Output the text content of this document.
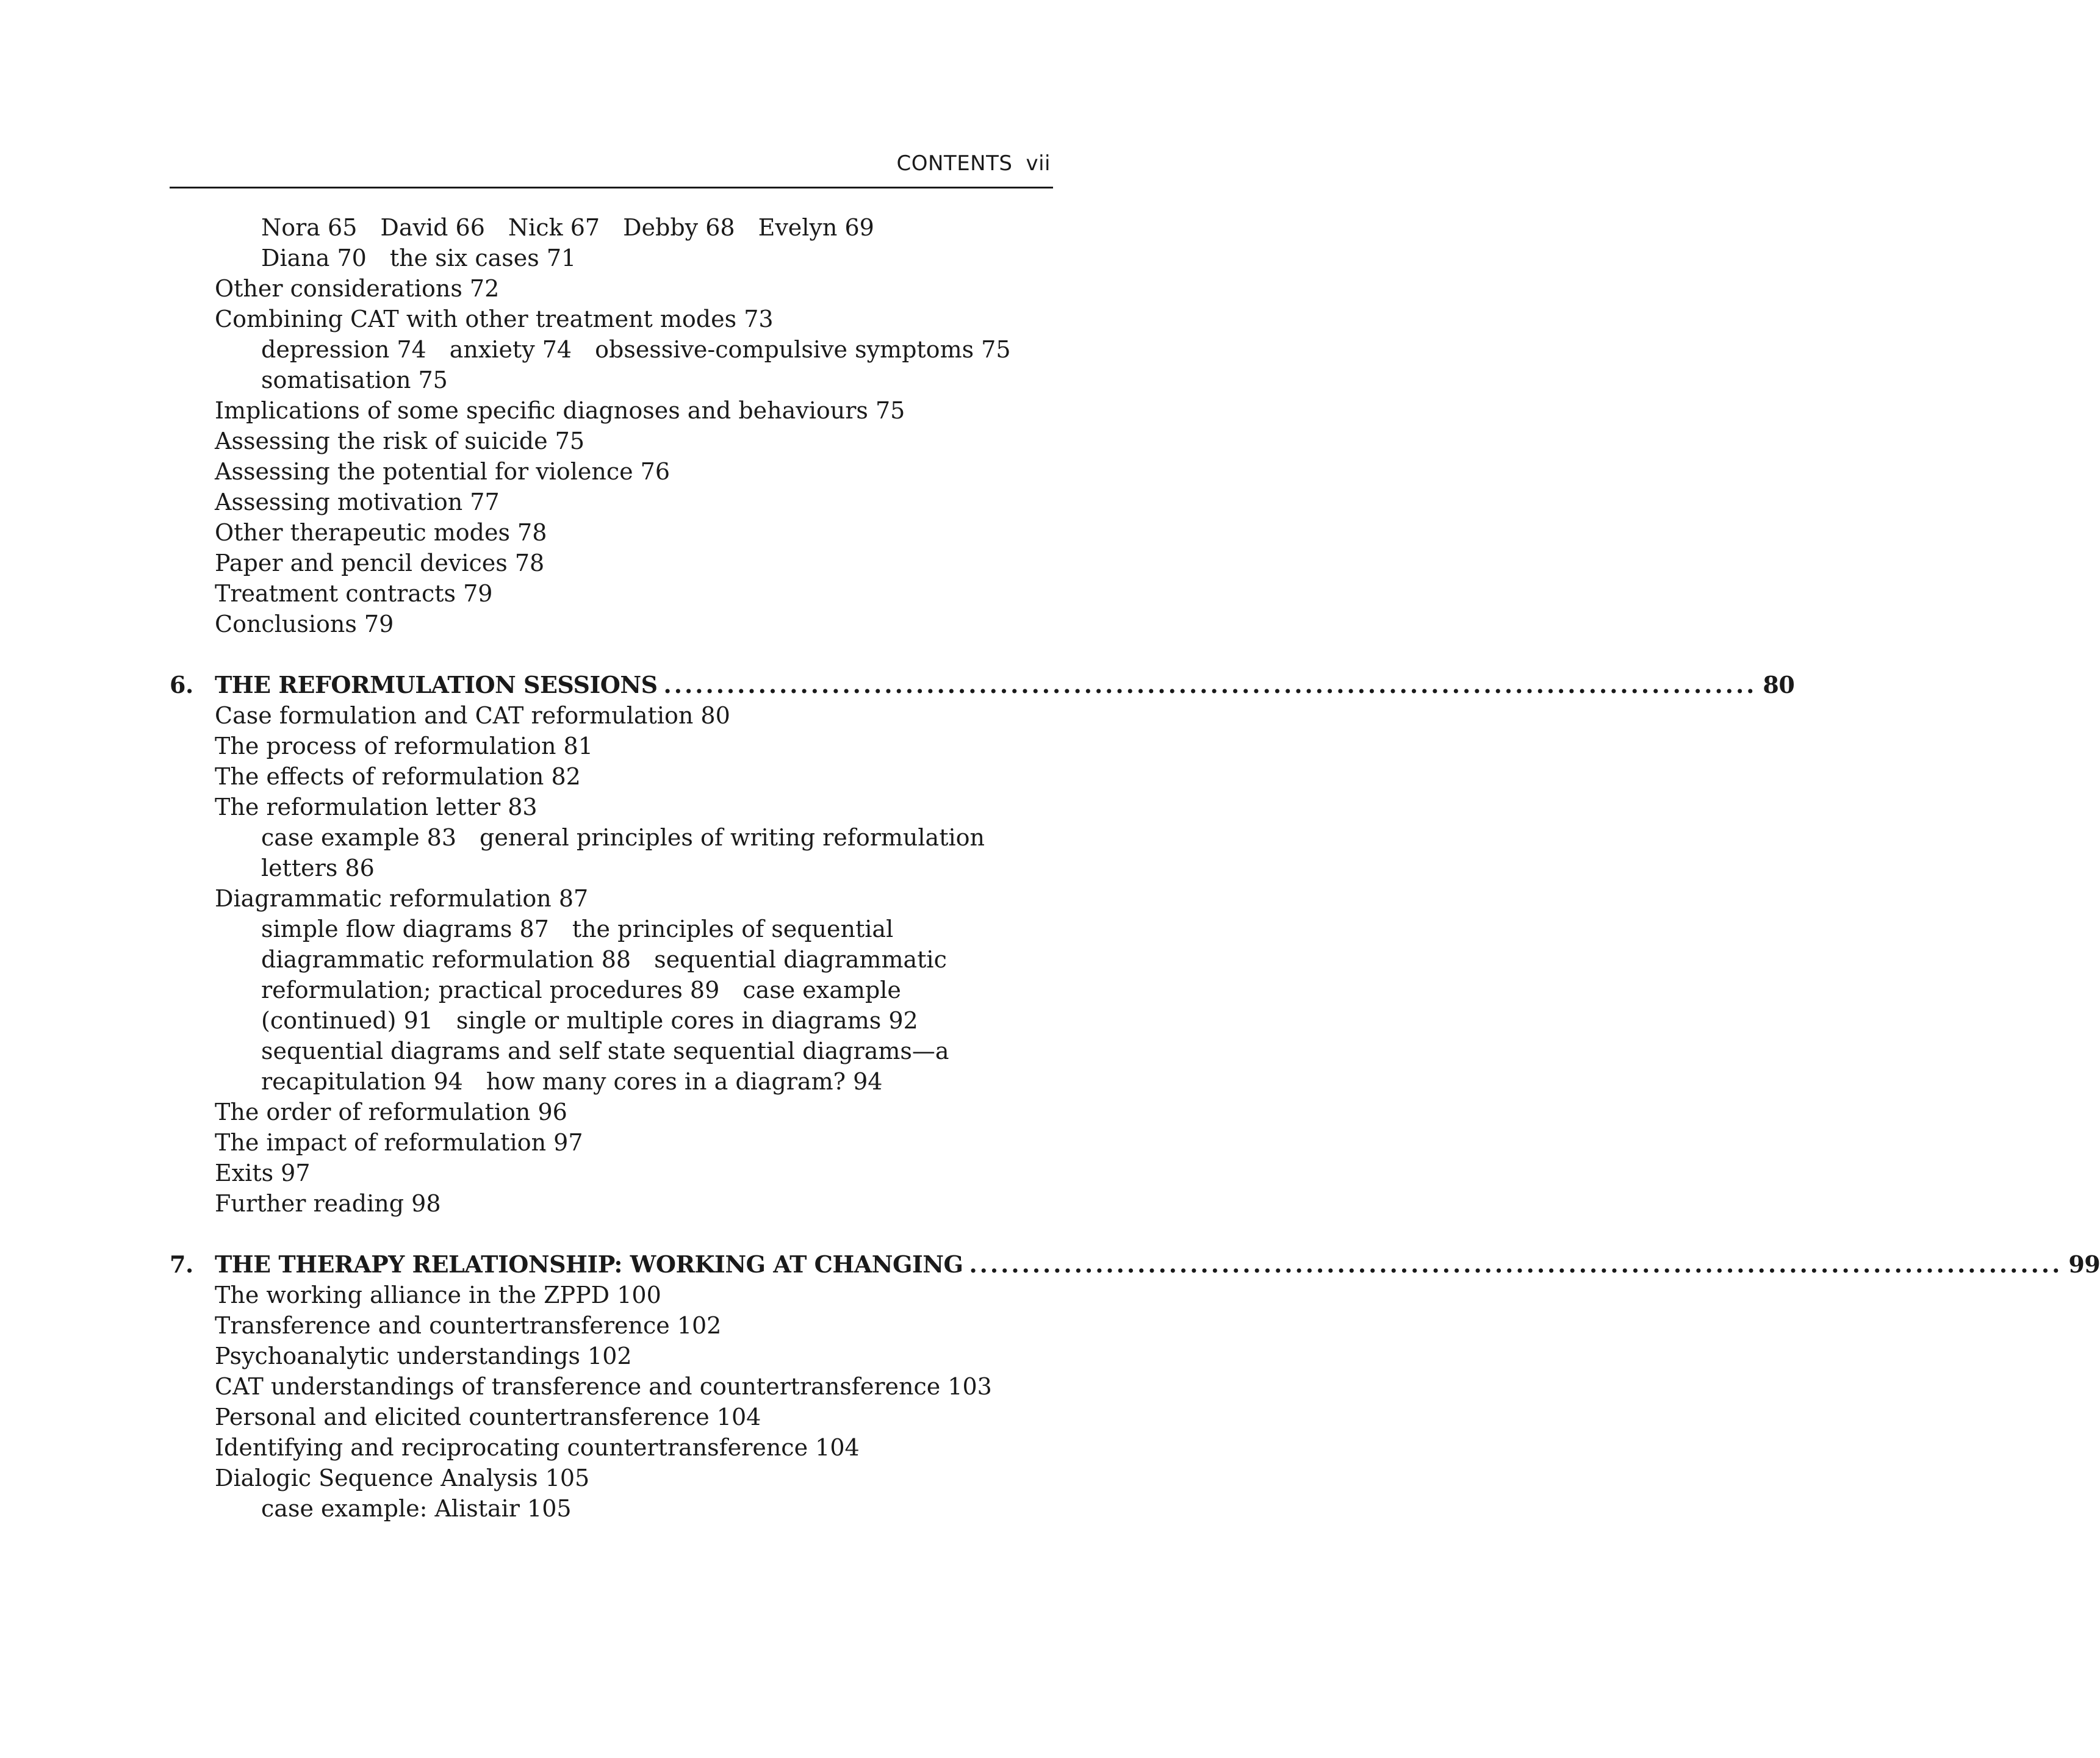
CONTENTS vii
Nora 65 David 66 Nick 67 Debby 68 Evelyn 69
Diana 70 the six cases 71
Other considerations 72
Combining CAT with other treatment modes 73
depression 74 anxiety 74 obsessive-compulsive symptoms 75
somatisation 75
Implications of some specific diagnoses and behaviours 75
Assessing the risk of suicide 75
Assessing the potential for violence 76
Assessing motivation 77
Other therapeutic modes 78
Paper and pencil devices 78
Treatment contracts 79
Conclusions 79
6. THE REFORMULATION SESSIONS ........................................................................................................ 80
Case formulation and CAT reformulation 80
The process of reformulation 81
The effects of reformulation 82
The reformulation letter 83
case example 83 general principles of writing reformulation
letters 86
Diagrammatic reformulation 87
simple flow diagrams 87 the principles of sequential
diagrammatic reformulation 88 sequential diagrammatic
reformulation; practical procedures 89 case example
(continued) 91 single or multiple cores in diagrams 92
sequential diagrams and self state sequential diagrams—a
recapitulation 94 how many cores in a diagram? 94
The order of reformulation 96
The impact of reformulation 97
Exits 97
Further reading 98
7. THE THERAPY RELATIONSHIP: WORKING AT CHANGING ........................................................................................................ 99
The working alliance in the ZPPD 100
Transference and countertransference 102
Psychoanalytic understandings 102
CAT understandings of transference and countertransference 103
Personal and elicited countertransference 104
Identifying and reciprocating countertransference 104
Dialogic Sequence Analysis 105
case example: Alistair 105
